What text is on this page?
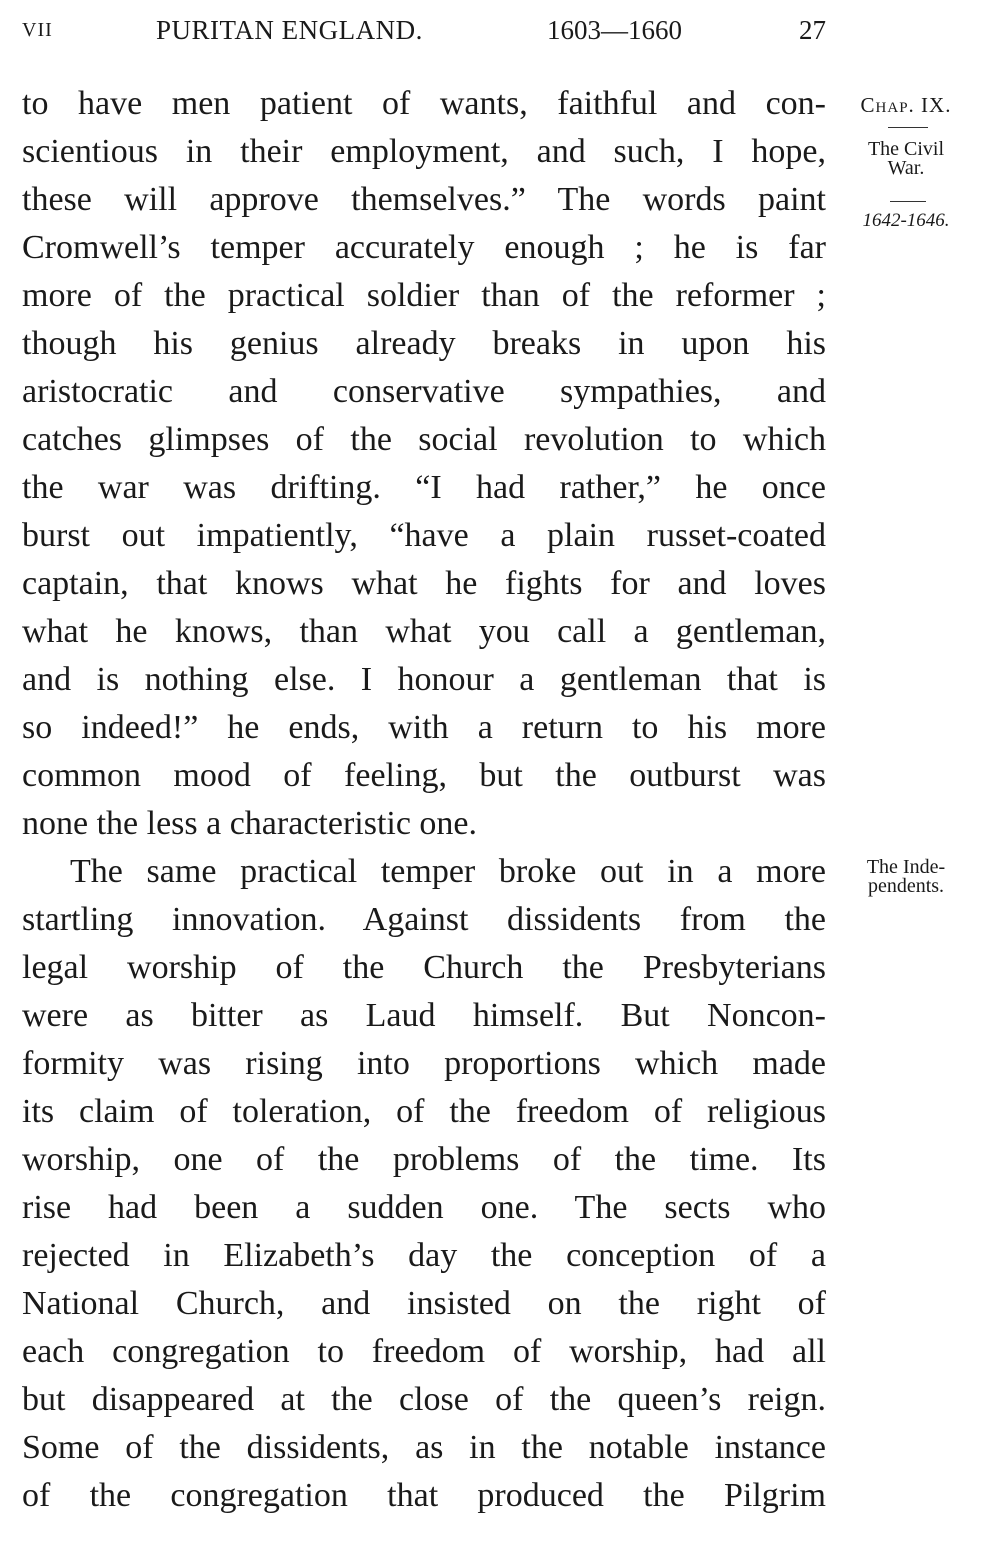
VII	PURITAN ENGLAND.	1603—1660	27
Chap. IX.
The Civil
War.
1642-1646.
The Inde-
pendents.
to have men patient of wants, faithful and con-
scientious in their employment, and such, I hope,
these will approve themselves.” The words paint
Cromwell’s temper accurately enough ; he is far
more of the practical soldier than of the reformer ;
though his genius already breaks in upon his
aristocratic and conservative sympathies, and
catches glimpses of the social revolution to which
the war was drifting. “I had rather,” he once
burst out impatiently, “have a plain russet-coated
captain, that knows what he fights for and loves
what he knows, than what you call a gentleman,
and is nothing else. I honour a gentleman that is
so indeed!” he ends, with a return to his more
common mood of feeling, but the outburst was
none the less a characteristic one.
The same practical temper broke out in a more
startling innovation. Against dissidents from the
legal worship of the Church the Presbyterians
were as bitter as Laud himself. But Noncon-
formity was rising into proportions which made
its claim of toleration, of the freedom of religious
worship, one of the problems of the time. Its
rise had been a sudden one. The sects who
rejected in Elizabeth’s day the conception of a
National Church, and insisted on the right of
each congregation to freedom of worship, had all
but disappeared at the close of the queen’s reign.
Some of the dissidents, as in the notable instance
of the congregation that produced the Pilgrim
